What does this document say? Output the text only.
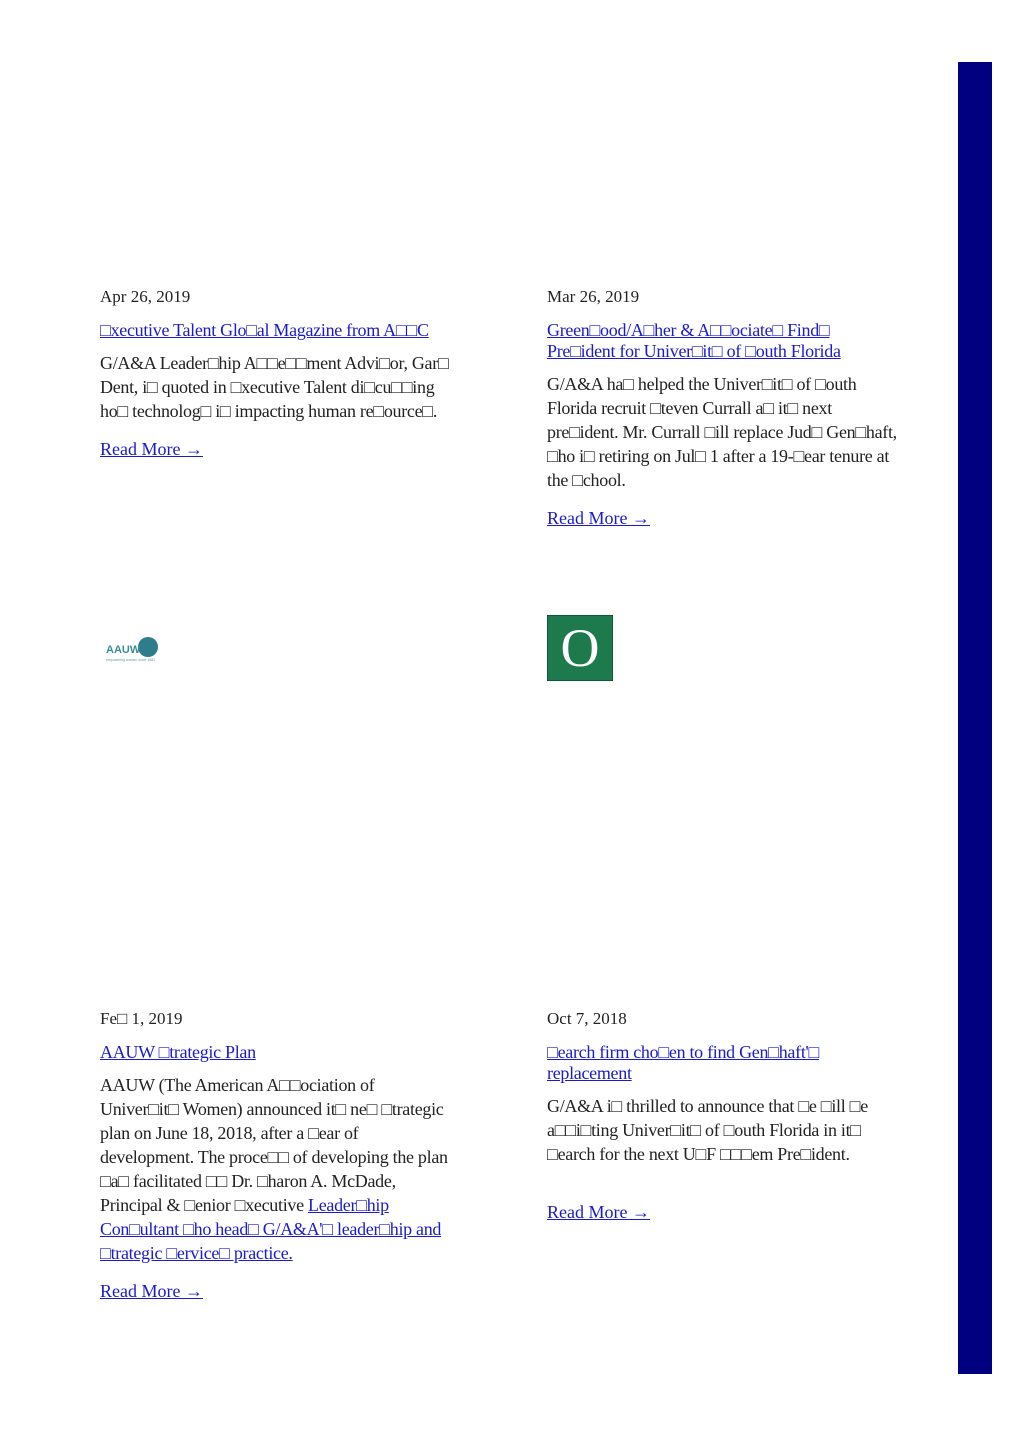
Apr 26, 2019

□xecutive Talent Glo□al Magazine from A□□C

G/A&A Leader□hip A□□e□□ment Advi□or, Gar□ Dent, i□ quoted in □xecutive Talent di□cu□□ing ho□ technolog□ i□ impacting human re□ource□.

Read More →

Mar 26, 2019

Green□ood/A□her & A□□ociate□ Find□ Pre□ident for Univer□it□ of □outh Florida

G/A&A ha□ helped the Univer□it□ of □outh Florida recruit □teven Currall a□ it□ next pre□ident. Mr. Currall □ill replace Jud□ Gen□haft, □ho i□ retiring on Jul□ 1 after a 19-□ear tenure at the □chool.

Read More →
AAUW
empowering women since 1881	O

Fe□ 1, 2019

AAUW □trategic Plan

AAUW (The American A□□ociation of Univer□it□ Women) announced it□ ne□ □trategic plan on June 18, 2018, after a □ear of development. The proce□□ of developing the plan □a□ facilitated □□ Dr. □haron A. McDade, Principal & □enior □xecutive Leader□hip Con□ultant □ho head□ G/A&A'□ leader□hip and □trategic □ervice□ practice.

Read More →

Oct 7, 2018

□earch firm cho□en to find Gen□haft'□ replacement

G/A&A i□ thrilled to announce that □e □ill □e a□□i□ting Univer□it□ of □outh Florida in it□ □earch for the next U□F □□□em Pre□ident.

Read More →
